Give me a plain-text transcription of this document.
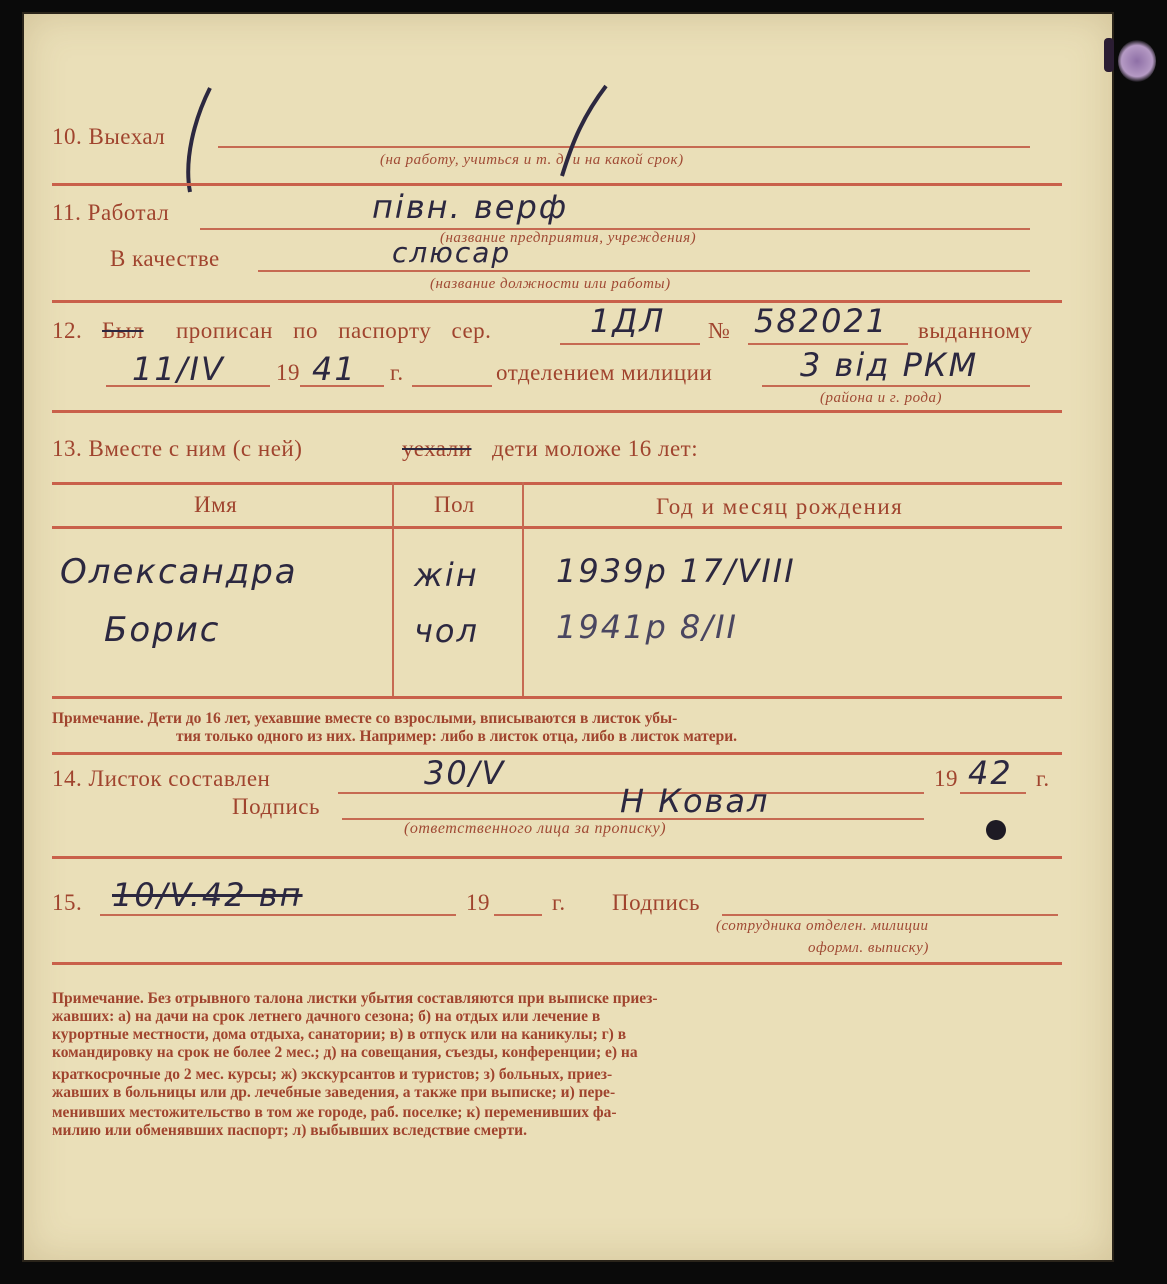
10. Выехал
(на работу, учиться и т. д. и на какой срок)
11. Работал	півн. верф
(название предприятия, учреждения)
В качестве	слюсар
(название должности или работы)
12. Был прописан по паспорту сер.	1ДЛ № 582021 выданному
11/IV 19 41 г.	отделением милиции	3 від РКМ
(района и г. рода)
13. Вместе с ним (с ней)	уехали дети моложе 16 лет:
Имя	Пол	Год и месяц рождения
Олександра	жін 1939р 17/VIII
Борис	чол 1941р 8/II
Примечание. Дети до 16 лет, уехавшие вместе со взрослыми, вписываются в листок убы-
тия только одного из них. Например: либо в листок отца, либо в листок матери.
14. Листок составлен	30/V	19 42 г.
Подпись	Н Ковал
(ответственного лица за прописку)
15. 10/V.42 вп	19	г. Подпись
(сотрудника отделен. милиции
оформл. выписку)
Примечание. Без отрывного талона листки убытия составляются при выписке приез-
жавших: а) на дачи на срок летнего дачного сезона; б) на отдых или лечение в
курортные местности, дома отдыха, санатории; в) в отпуск или на каникулы; г) в
командировку на срок не более 2 мес.; д) на совещания, съезды, конференции; е) на
краткосрочные до 2 мес. курсы; ж) экскурсантов и туристов; з) больных, приез-
жавших в больницы или др. лечебные заведения, а также при выписке; и) пере-
менивших местожительство в том же городе, раб. поселке; к) переменивших фа-
милию или обменявших паспорт; л) выбывших вследствие смерти.
